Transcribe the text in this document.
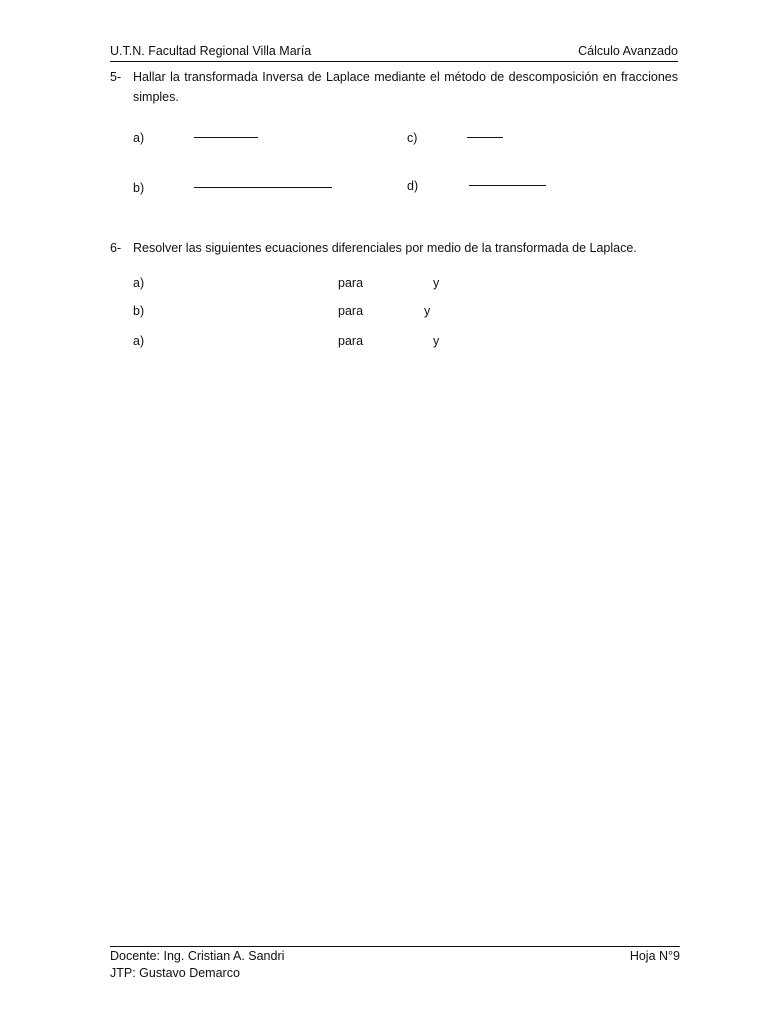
U.T.N. Facultad Regional Villa María	Cálculo Avanzado
5- Hallar la transformada Inversa de Laplace mediante el método de descomposición en fracciones simples.
a)
b)
c)
d)
6- Resolver las siguientes ecuaciones diferenciales por medio de la transformada de Laplace.
a)	para	y
b)	para	y
a)	para	y
Docente: Ing. Cristian A. Sandri
JTP: Gustavo Demarco
Hoja N°9
